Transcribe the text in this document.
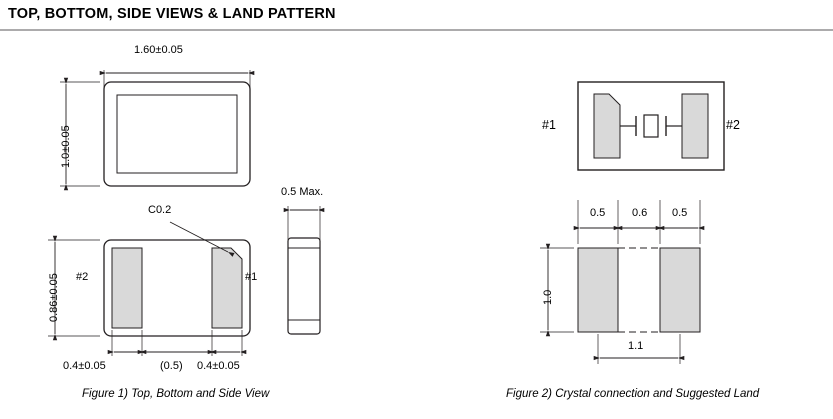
TOP, BOTTOM, SIDE VIEWS & LAND PATTERN
1.60±0.05
1.0±0.05
0.86±0.05
C0.2
0.4±0.05	(0.5) 0.4±0.05
#2	#1
0.5 Max.
#1	#2
0.5 0.6 0.5
1.0
1.1
Figure 1) Top, Bottom and Side View	Figure 2) Crystal connection and Suggested Land
